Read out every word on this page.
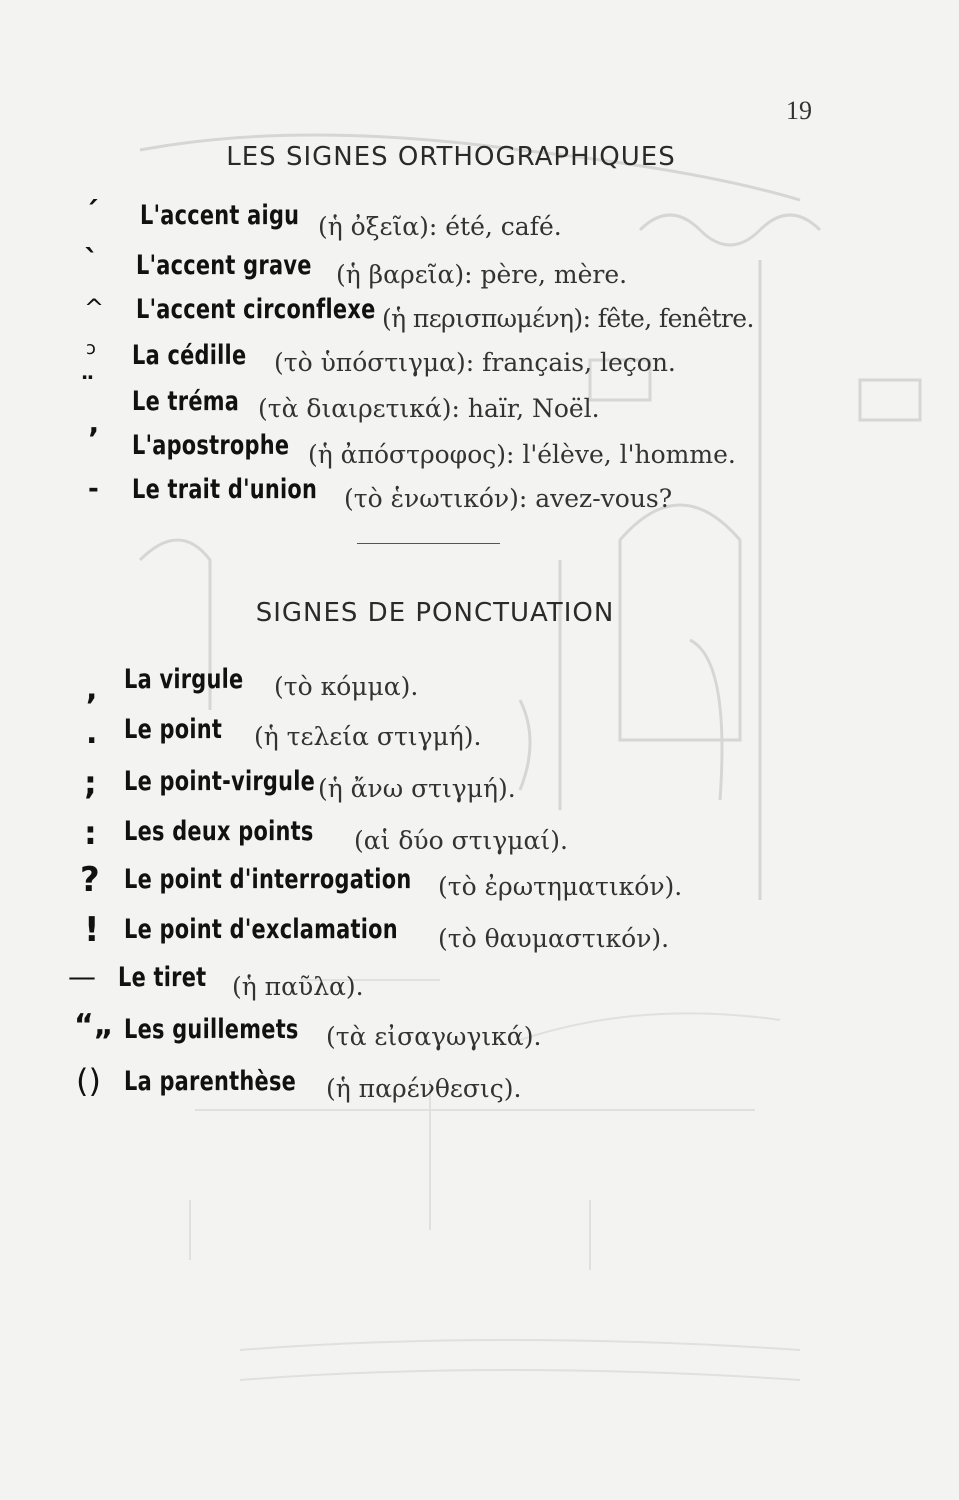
19
LES SIGNES ORTHOGRAPHIQUES
´ L'accent aigu (ἡ ὀξεῖα): été, café.
` L'accent grave (ἡ βαρεῖα): père, mère.
^ L'accent circonflexe (ἡ περισπωμένη): fête, fenêtre.
ɔ La cédille (τὸ ὑπόστιγμα): français, leçon.
¨ Le tréma (τὰ διαιρετικά): haïr, Noël.
’ L'apostrophe (ἡ ἀπόστροφος): l'élève, l'homme.
- Le trait d'union (τὸ ἑνωτικόν): avez-vous?
SIGNES DE PONCTUATION
, La virgule (τὸ κόμμα).
. Le point (ἡ τελεία στιγμή).
; Le point-virgule (ἡ ἄνω στιγμή).
: Les deux points (αἱ δύο στιγμαί).
? Le point d'interrogation (τὸ ἐρωτηματικόν).
! Le point d'exclamation (τὸ θαυμαστικόν).
— Le tiret (ἡ παῦλα).
“„ Les guillemets (τὰ εἰσαγωγικά).
() La parenthèse (ἡ παρένθεσις).
